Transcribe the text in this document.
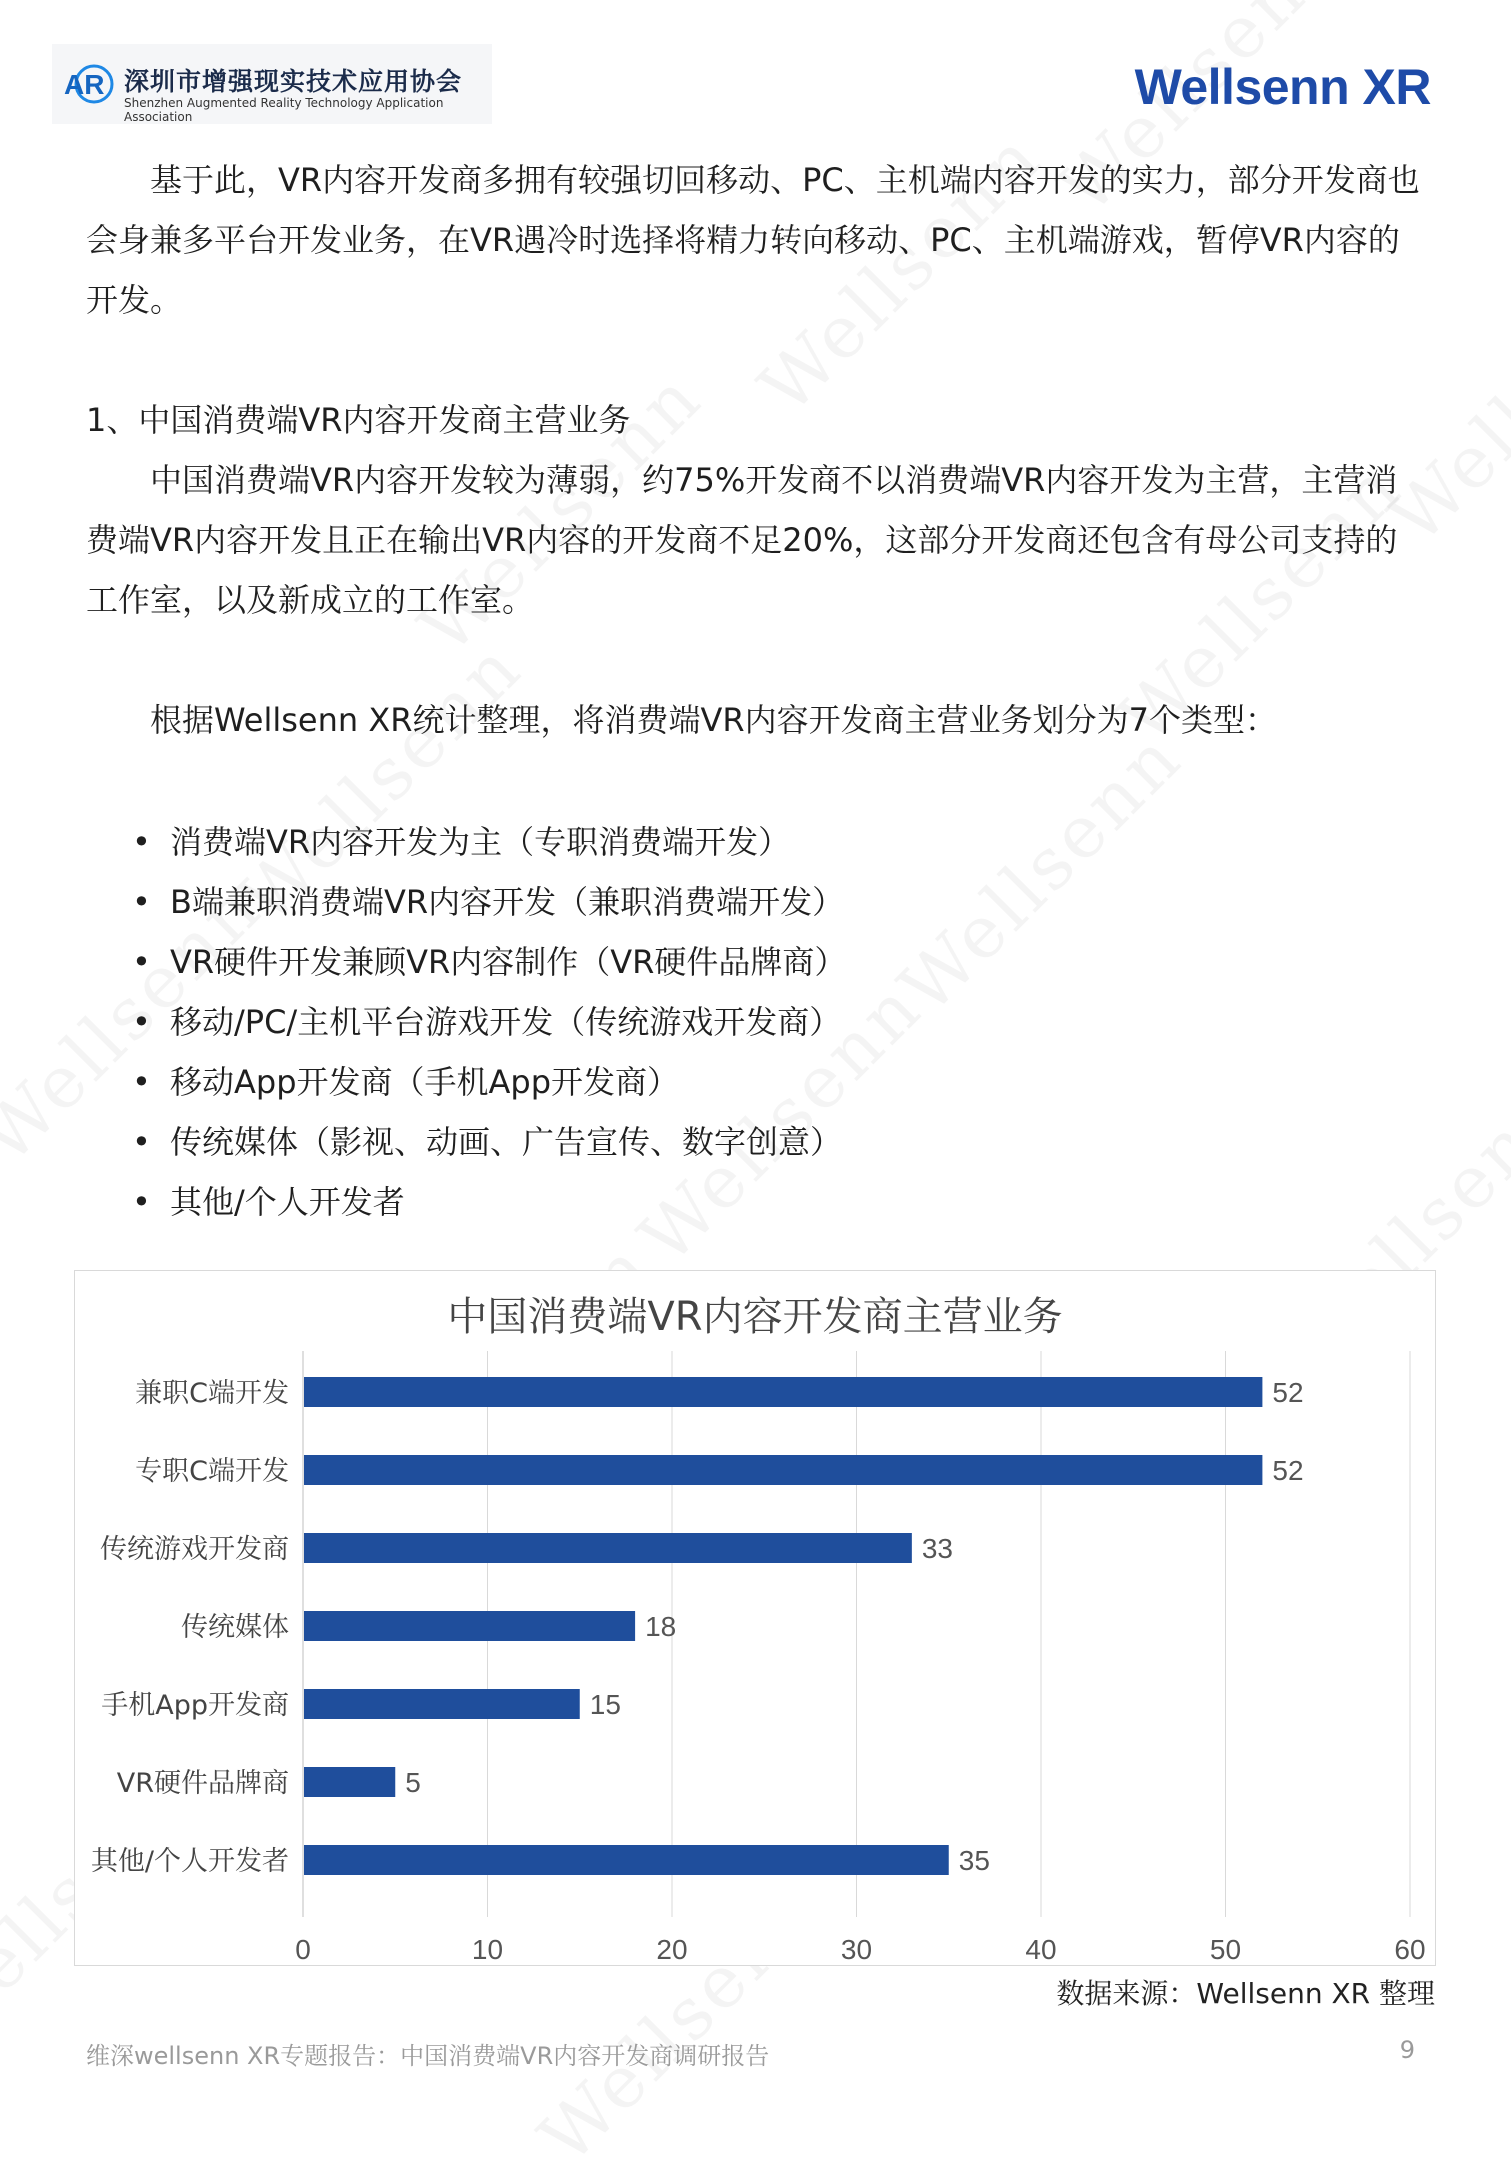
AR 深圳市增强现实技术应用协会
Shenzhen Augmented Reality Technology Application Association
Wellsenn XR
基于此，VR内容开发商多拥有较强切回移动、PC、主机端内容开发的实力，部分开发商也会身兼多平台开发业务，在VR遇冷时选择将精力转向移动、PC、主机端游戏，暂停VR内容的开发。
1、中国消费端VR内容开发商主营业务
中国消费端VR内容开发较为薄弱，约75%开发商不以消费端VR内容开发为主营，主营消费端VR内容开发且正在输出VR内容的开发商不足20%，这部分开发商还包含有母公司支持的工作室，以及新成立的工作室。
根据Wellsenn XR统计整理，将消费端VR内容开发商主营业务划分为7个类型：
• 消费端VR内容开发为主（专职消费端开发）
• B端兼职消费端VR内容开发（兼职消费端开发）
• VR硬件开发兼顾VR内容制作（VR硬件品牌商）
• 移动/PC/主机平台游戏开发（传统游戏开发商）
• 移动App开发商（手机App开发商）
• 传统媒体（影视、动画、广告宣传、数字创意）
• 其他/个人开发者
中国消费端VR内容开发商主营业务
0	10	20	30	40	50	60
兼职C端开发	52
专职C端开发	52
传统游戏开发商	33
传统媒体	18
手机App开发商	15
VR硬件品牌商	5
其他/个人开发者	35
数据来源：Wellsenn XR 整理
维深wellsenn XR专题报告：中国消费端VR内容开发商调研报告	9
